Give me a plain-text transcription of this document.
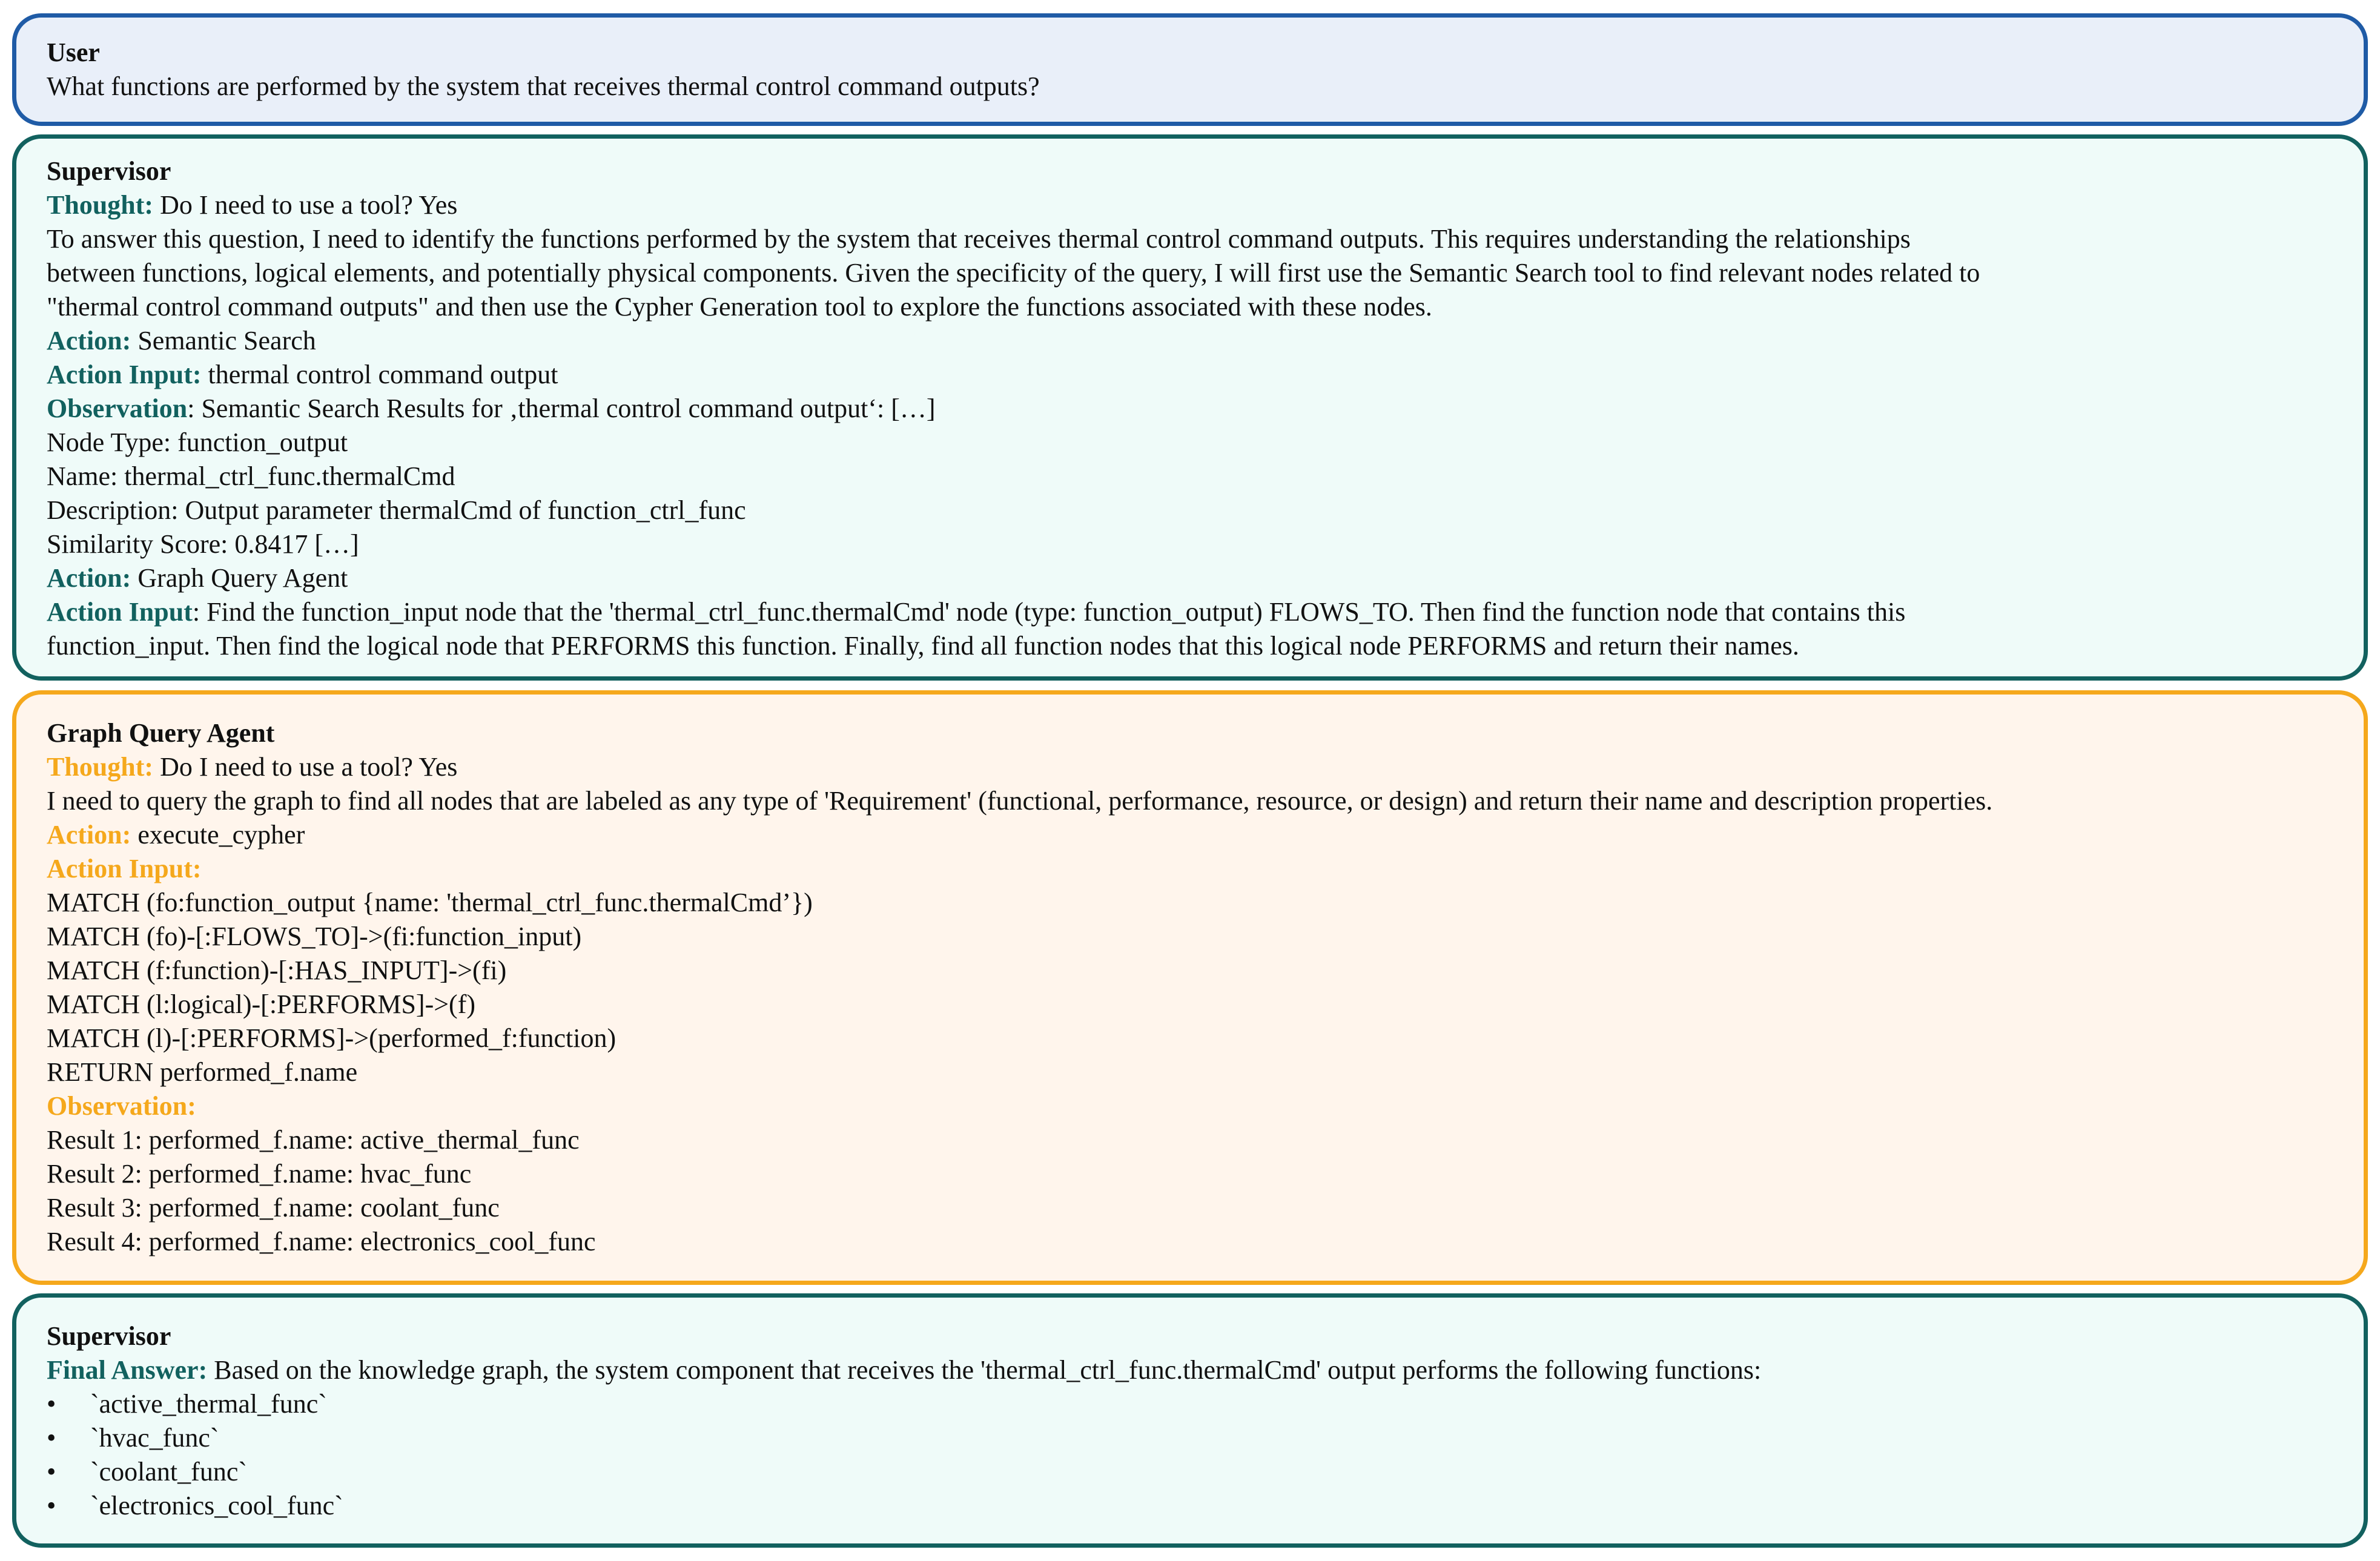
User
What functions are performed by the system that receives thermal control command outputs?
Supervisor
Thought: Do I need to use a tool? Yes
To answer this question, I need to identify the functions performed by the system that receives thermal control command outputs. This requires understanding the relationships
between functions, logical elements, and potentially physical components. Given the specificity of the query, I will first use the Semantic Search tool to find relevant nodes related to
"thermal control command outputs" and then use the Cypher Generation tool to explore the functions associated with these nodes.
Action: Semantic Search
Action Input: thermal control command output
Observation: Semantic Search Results for ‚thermal control command output‘: […]
Node Type: function_output
Name: thermal_ctrl_func.thermalCmd
Description: Output parameter thermalCmd of function_ctrl_func
Similarity Score: 0.8417 […]
Action: Graph Query Agent
Action Input: Find the function_input node that the 'thermal_ctrl_func.thermalCmd' node (type: function_output) FLOWS_TO. Then find the function node that contains this
function_input. Then find the logical node that PERFORMS this function. Finally, find all function nodes that this logical node PERFORMS and return their names.
Graph Query Agent
Thought: Do I need to use a tool? Yes
I need to query the graph to find all nodes that are labeled as any type of 'Requirement' (functional, performance, resource, or design) and return their name and description properties.
Action: execute_cypher
Action Input:
MATCH (fo:function_output {name: 'thermal_ctrl_func.thermalCmd’})
MATCH (fo)-[:FLOWS_TO]->(fi:function_input)
MATCH (f:function)-[:HAS_INPUT]->(fi)
MATCH (l:logical)-[:PERFORMS]->(f)
MATCH (l)-[:PERFORMS]->(performed_f:function)
RETURN performed_f.name
Observation:
Result 1: performed_f.name: active_thermal_func
Result 2: performed_f.name: hvac_func
Result 3: performed_f.name: coolant_func
Result 4: performed_f.name: electronics_cool_func
Supervisor
Final Answer: Based on the knowledge graph, the system component that receives the 'thermal_ctrl_func.thermalCmd' output performs the following functions:
•	`active_thermal_func`
•	`hvac_func`
•	`coolant_func`
•	`electronics_cool_func`
